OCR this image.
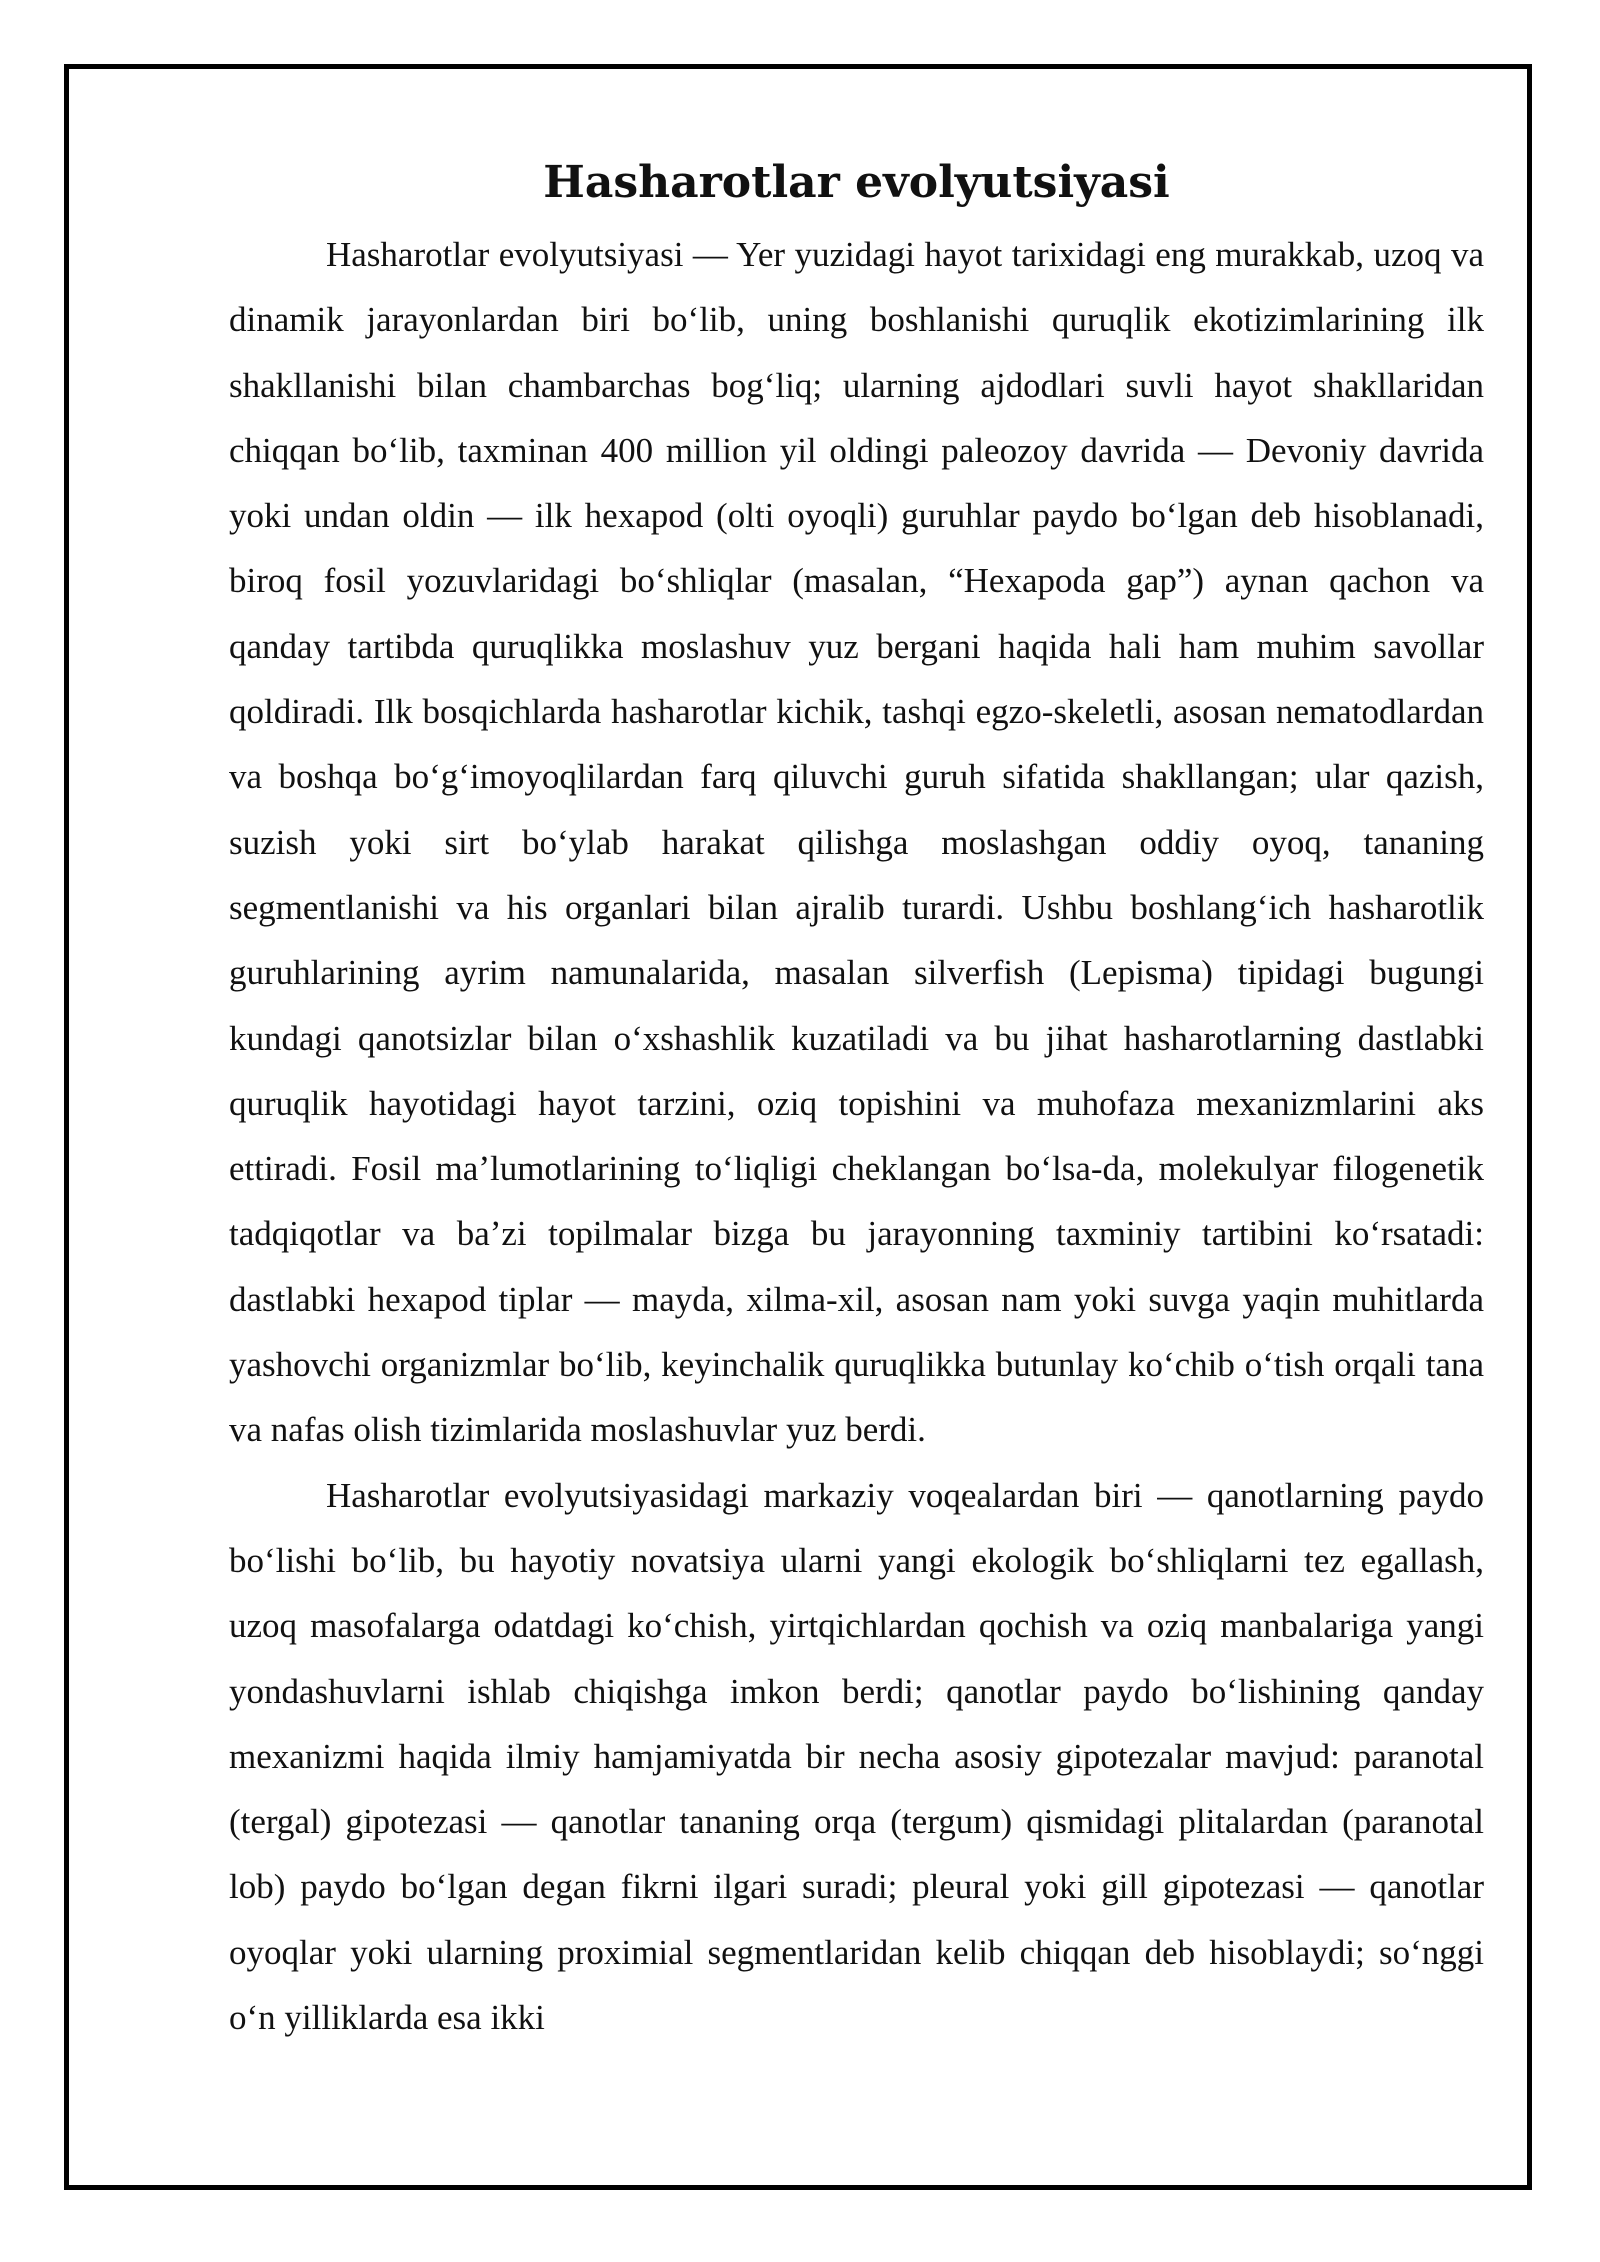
Hasharotlar evolyutsiyasi

Hasharotlar evolyutsiyasi — Yer yuzidagi hayot tarixidagi eng murakkab, uzoq va dinamik jarayonlardan biri boʻlib, uning boshlanishi quruqlik ekotizimlarining ilk shakllanishi bilan chambarchas bogʻliq; ularning ajdodlari suvli hayot shakllaridan chiqqan boʻlib, taxminan 400 million yil oldingi paleozoy davrida — Devoniy davrida yoki undan oldin — ilk hexapod (olti oyoqli) guruhlar paydo boʻlgan deb hisoblanadi, biroq fosil yozuvlaridagi boʻshliqlar (masalan, “Hexapoda gap”) aynan qachon va qanday tartibda quruqlikka moslashuv yuz bergani haqida hali ham muhim savollar qoldiradi. Ilk bosqichlarda hasharotlar kichik, tashqi egzo-skeletli, asosan nematodlardan va boshqa boʻgʻimoyoqlilardan farq qiluvchi guruh sifatida shakllangan; ular qazish, suzish yoki sirt boʻylab harakat qilishga moslashgan oddiy oyoq, tananing segmentlanishi va his organlari bilan ajralib turardi. Ushbu boshlangʻich hasharotlik guruhlarining ayrim namunalarida, masalan silverfish (Lepisma) tipidagi bugungi kundagi qanotsizlar bilan oʻxshashlik kuzatiladi va bu jihat hasharotlarning dastlabki quruqlik hayotidagi hayot tarzini, oziq topishini va muhofaza mexanizmlarini aks ettiradi. Fosil maʼlumotlarining toʻliqligi cheklangan boʻlsa-da, molekulyar filogenetik tadqiqotlar va baʼzi topilmalar bizga bu jarayonning taxminiy tartibini koʻrsatadi: dastlabki hexapod tiplar — mayda, xilma-xil, asosan nam yoki suvga yaqin muhitlarda yashovchi organizmlar boʻlib, keyinchalik quruqlikka butunlay koʻchib oʻtish orqali tana va nafas olish tizimlarida moslashuvlar yuz berdi.

Hasharotlar evolyutsiyasidagi markaziy voqealardan biri — qanotlarning paydo boʻlishi boʻlib, bu hayotiy novatsiya ularni yangi ekologik boʻshliqlarni tez egallash, uzoq masofalarga odatdagi koʻchish, yirtqichlardan qochish va oziq manbalariga yangi yondashuvlarni ishlab chiqishga imkon berdi; qanotlar paydo boʻlishining qanday mexanizmi haqida ilmiy hamjamiyatda bir necha asosiy gipotezalar mavjud: paranotal (tergal) gipotezasi — qanotlar tananing orqa (tergum) qismidagi plitalardan (paranotal lob) paydo boʻlgan degan fikrni ilgari suradi; pleural yoki gill gipotezasi — qanotlar oyoqlar yoki ularning proximial segmentlaridan kelib chiqqan deb hisoblaydi; soʻnggi oʻn yilliklarda esa ikki
